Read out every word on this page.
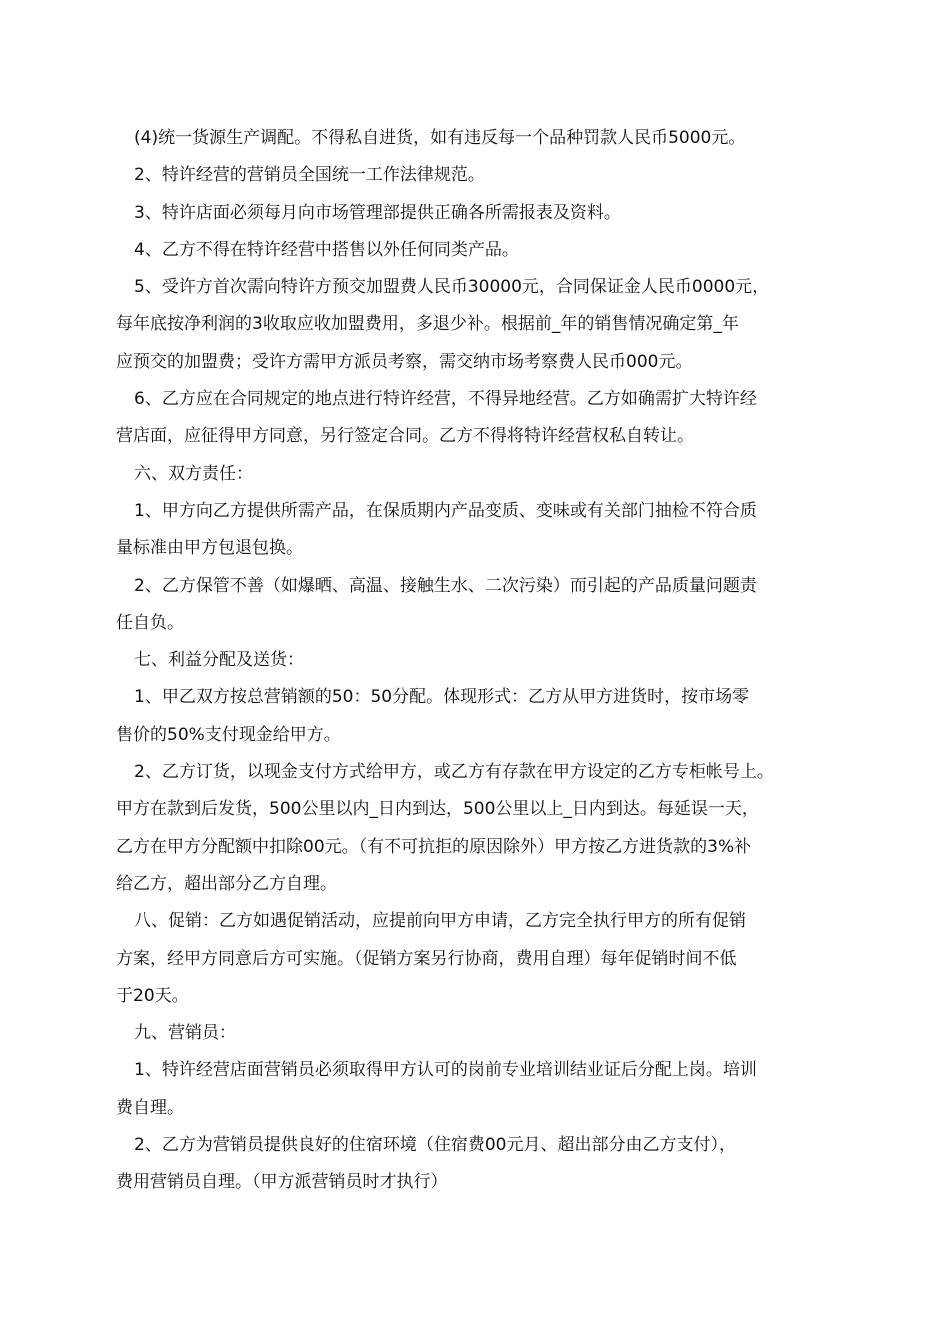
(4)统一货源生产调配。不得私自进货，如有违反每一个品种罚款人民币5000元。
2、特许经营的营销员全国统一工作法律规范。
3、特许店面必须每月向市场管理部提供正确各所需报表及资料。
4、乙方不得在特许经营中搭售以外任何同类产品。
5、受许方首次需向特许方预交加盟费人民币30000元，合同保证金人民币0000元，
每年底按净利润的3收取应收加盟费用，多退少补。根据前_年的销售情况确定第_年
应预交的加盟费；受许方需甲方派员考察，需交纳市场考察费人民币000元。
6、乙方应在合同规定的地点进行特许经营，不得异地经营。乙方如确需扩大特许经
营店面，应征得甲方同意，另行签定合同。乙方不得将特许经营权私自转让。
六、双方责任：
1、甲方向乙方提供所需产品，在保质期内产品变质、变味或有关部门抽检不符合质
量标准由甲方包退包换。
2、乙方保管不善（如爆晒、高温、接触生水、二次污染）而引起的产品质量问题责
任自负。
七、利益分配及送货：
1、甲乙双方按总营销额的50：50分配。体现形式：乙方从甲方进货时，按市场零
售价的50%支付现金给甲方。
2、乙方订货，以现金支付方式给甲方，或乙方有存款在甲方设定的乙方专柜帐号上。
甲方在款到后发货，500公里以内_日内到达，500公里以上_日内到达。每延误一天，
乙方在甲方分配额中扣除00元。（有不可抗拒的原因除外）甲方按乙方进货款的3%补
给乙方，超出部分乙方自理。
八、促销：乙方如遇促销活动，应提前向甲方申请，乙方完全执行甲方的所有促销
方案，经甲方同意后方可实施。（促销方案另行协商，费用自理）每年促销时间不低
于20天。
九、营销员：
1、特许经营店面营销员必须取得甲方认可的岗前专业培训结业证后分配上岗。培训
费自理。
2、乙方为营销员提供良好的住宿环境（住宿费00元月、超出部分由乙方支付），
费用营销员自理。（甲方派营销员时才执行）
